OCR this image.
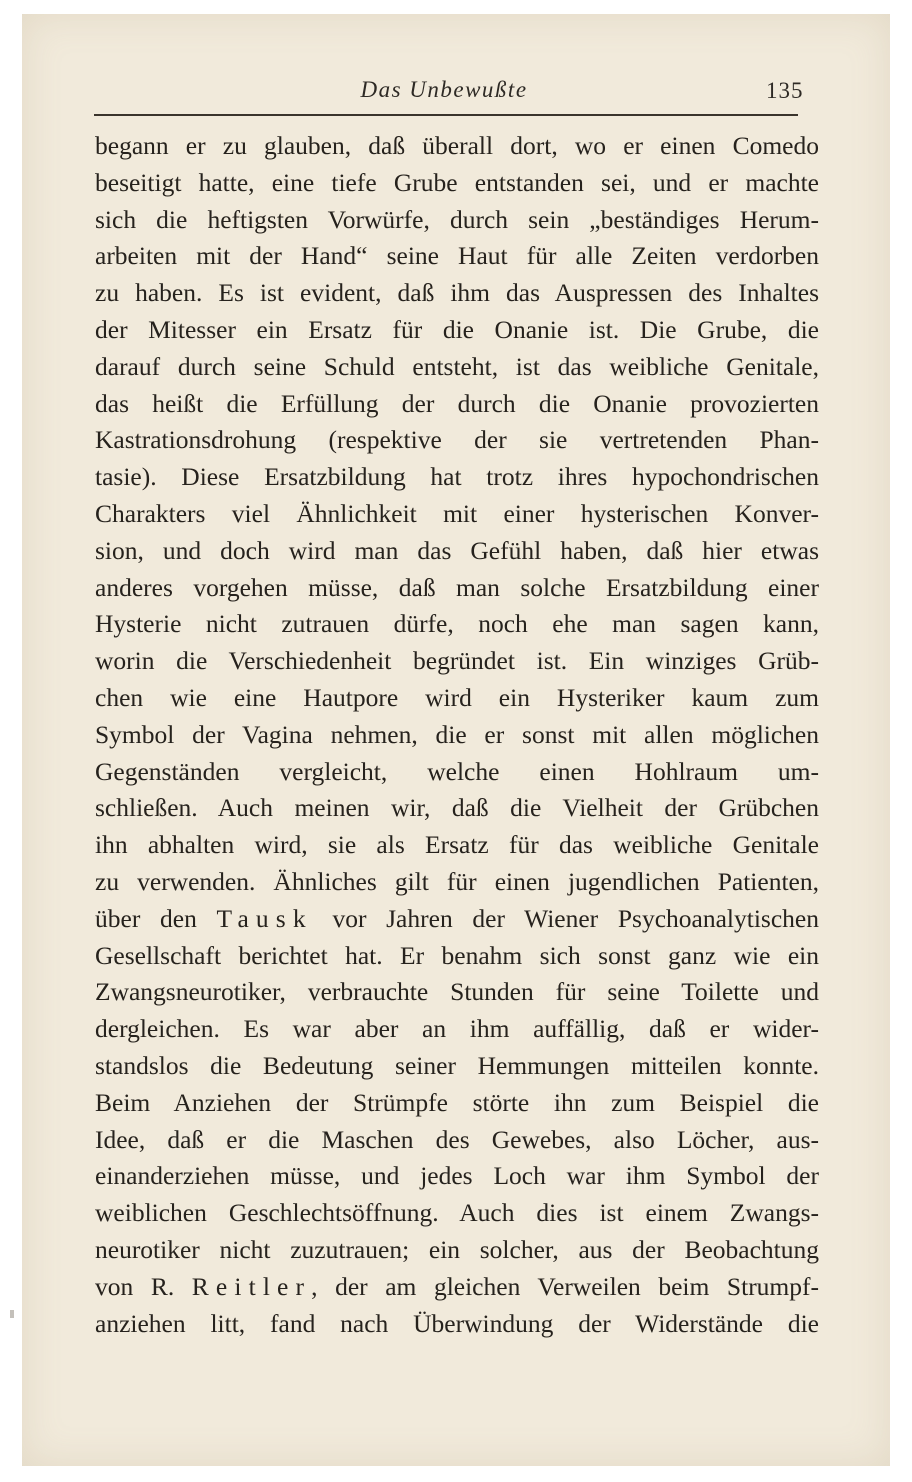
Das Unbewußte	135
begann er zu glauben, daß überall dort, wo er einen Comedo
beseitigt hatte, eine tiefe Grube entstanden sei, und er machte
sich die heftigsten Vorwürfe, durch sein „beständiges Herum-
arbeiten mit der Hand“ seine Haut für alle Zeiten verdorben
zu haben. Es ist evident, daß ihm das Auspressen des Inhaltes
der Mitesser ein Ersatz für die Onanie ist. Die Grube, die
darauf durch seine Schuld entsteht, ist das weibliche Genitale,
das heißt die Erfüllung der durch die Onanie provozierten
Kastrationsdrohung (respektive der sie vertretenden Phan-
tasie). Diese Ersatzbildung hat trotz ihres hypochondrischen
Charakters viel Ähnlichkeit mit einer hysterischen Konver-
sion, und doch wird man das Gefühl haben, daß hier etwas
anderes vorgehen müsse, daß man solche Ersatzbildung einer
Hysterie nicht zutrauen dürfe, noch ehe man sagen kann,
worin die Verschiedenheit begründet ist. Ein winziges Grüb-
chen wie eine Hautpore wird ein Hysteriker kaum zum
Symbol der Vagina nehmen, die er sonst mit allen möglichen
Gegenständen vergleicht, welche einen Hohlraum um-
schließen. Auch meinen wir, daß die Vielheit der Grübchen
ihn abhalten wird, sie als Ersatz für das weibliche Genitale
zu verwenden. Ähnliches gilt für einen jugendlichen Patienten,
über den Tausk vor Jahren der Wiener Psychoanalytischen
Gesellschaft berichtet hat. Er benahm sich sonst ganz wie ein
Zwangsneurotiker, verbrauchte Stunden für seine Toilette und
dergleichen. Es war aber an ihm auffällig, daß er wider-
standslos die Bedeutung seiner Hemmungen mitteilen konnte.
Beim Anziehen der Strümpfe störte ihn zum Beispiel die
Idee, daß er die Maschen des Gewebes, also Löcher, aus-
einanderziehen müsse, und jedes Loch war ihm Symbol der
weiblichen Geschlechtsöffnung. Auch dies ist einem Zwangs-
neurotiker nicht zuzutrauen; ein solcher, aus der Beobachtung
von R. Reitler, der am gleichen Verweilen beim Strumpf-
anziehen litt, fand nach Überwindung der Widerstände die
